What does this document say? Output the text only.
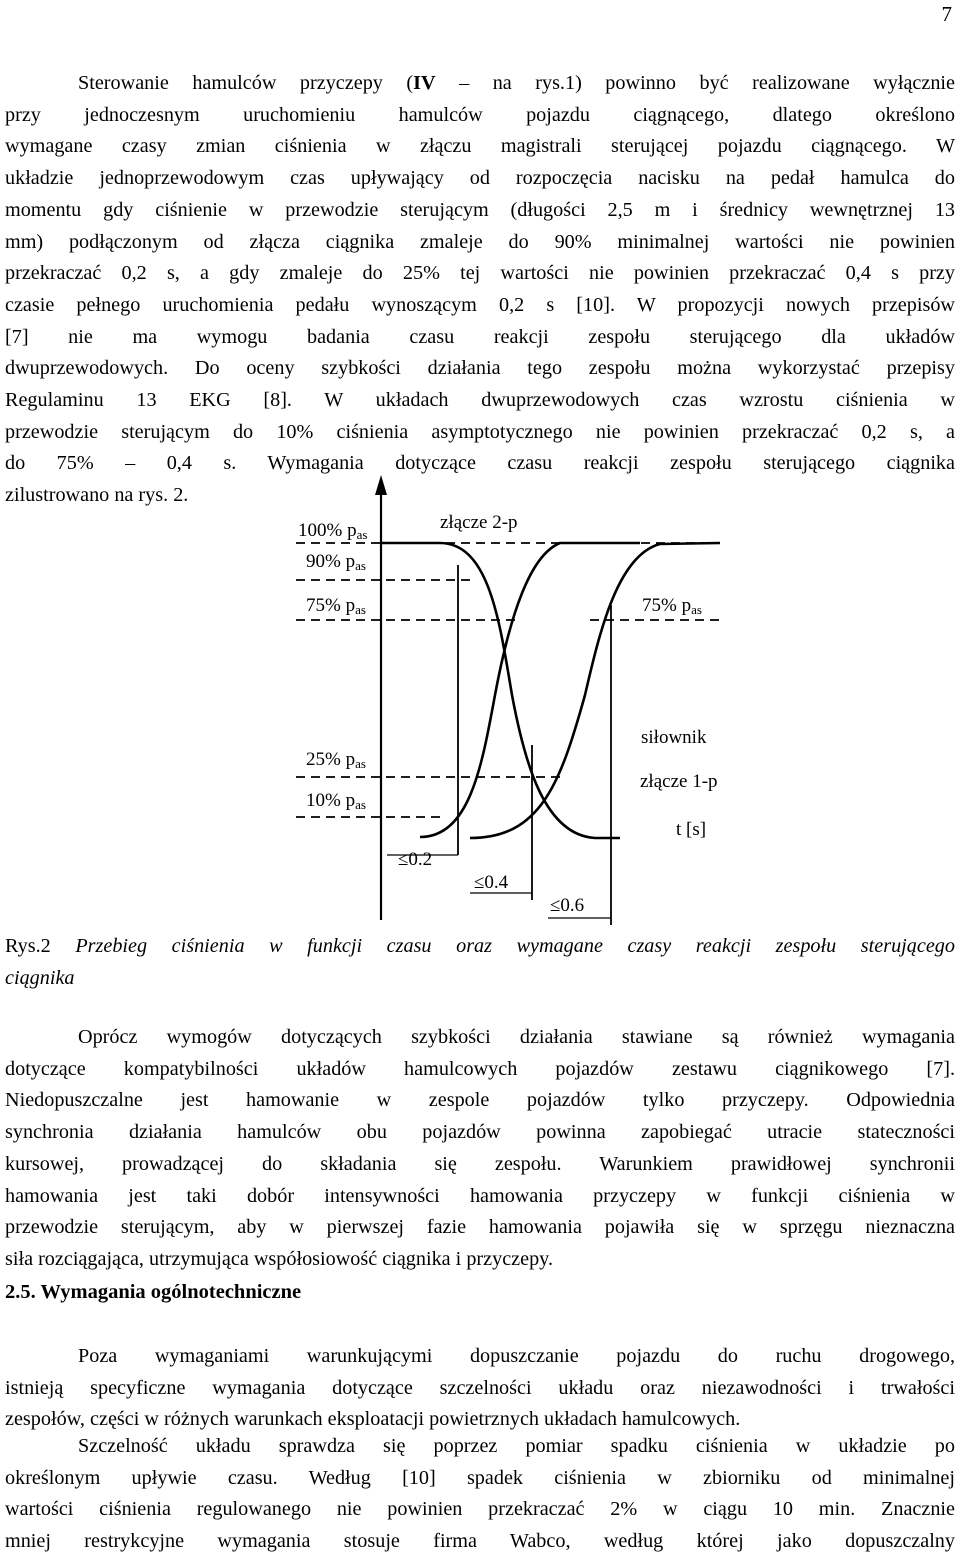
7
Sterowanie hamulców przyczepy (IV – na rys.1) powinno być realizowane wyłącznie
przy jednoczesnym uruchomieniu hamulców pojazdu ciągnącego, dlatego określono
wymagane czasy zmian ciśnienia w złączu magistrali sterującej pojazdu ciągnącego. W
układzie jednoprzewodowym czas upływający od rozpoczęcia nacisku na pedał hamulca do
momentu gdy ciśnienie w przewodzie sterującym (długości 2,5 m i średnicy wewnętrznej 13
mm) podłączonym od złącza ciągnika zmaleje do 90% minimalnej wartości nie powinien
przekraczać 0,2 s, a gdy zmaleje do 25% tej wartości nie powinien przekraczać 0,4 s przy
czasie pełnego uruchomienia pedału wynoszącym 0,2 s [10]. W propozycji nowych przepisów
[7] nie ma wymogu badania czasu reakcji zespołu sterującego dla układów
dwuprzewodowych. Do oceny szybkości działania tego zespołu można wykorzystać przepisy
Regulaminu 13 EKG [8]. W układach dwuprzewodowych czas wzrostu ciśnienia w
przewodzie sterującym do 10% ciśnienia asymptotycznego nie powinien przekraczać 0,2 s, a
do 75% – 0,4 s. Wymagania dotyczące czasu reakcji zespołu sterującego ciągnika
zilustrowano na rys. 2.
100% pas
90% pas
75% pas	75% pas
25% pas
10% pas
złącze 2-p
siłownik
złącze 1-p
t [s]
≤0.2
≤0.4
≤0.6
Rys.2 Przebieg ciśnienia w funkcji czasu oraz wymagane czasy reakcji zespołu sterującego
ciągnika
Oprócz wymogów dotyczących szybkości działania stawiane są również wymagania
dotyczące kompatybilności układów hamulcowych pojazdów zestawu ciągnikowego [7].
Niedopuszczalne jest hamowanie w zespole pojazdów tylko przyczepy. Odpowiednia
synchronia działania hamulców obu pojazdów powinna zapobiegać utracie stateczności
kursowej, prowadzącej do składania się zespołu. Warunkiem prawidłowej synchronii
hamowania jest taki dobór intensywności hamowania przyczepy w funkcji ciśnienia w
przewodzie sterującym, aby w pierwszej fazie hamowania pojawiła się w sprzęgu nieznaczna
siła rozciągająca, utrzymująca współosiowość ciągnika i przyczepy.
2.5. Wymagania ogólnotechniczne
Poza wymaganiami warunkującymi dopuszczanie pojazdu do ruchu drogowego,
istnieją specyficzne wymagania dotyczące szczelności układu oraz niezawodności i trwałości
zespołów, części w różnych warunkach eksploatacji powietrznych układach hamulcowych.
Szczelność układu sprawdza się poprzez pomiar spadku ciśnienia w układzie po
określonym upływie czasu. Według [10] spadek ciśnienia w zbiorniku od minimalnej
wartości ciśnienia regulowanego nie powinien przekraczać 2% w ciągu 10 min. Znacznie
mniej restrykcyjne wymagania stosuje firma Wabco, według której jako dopuszczalny
